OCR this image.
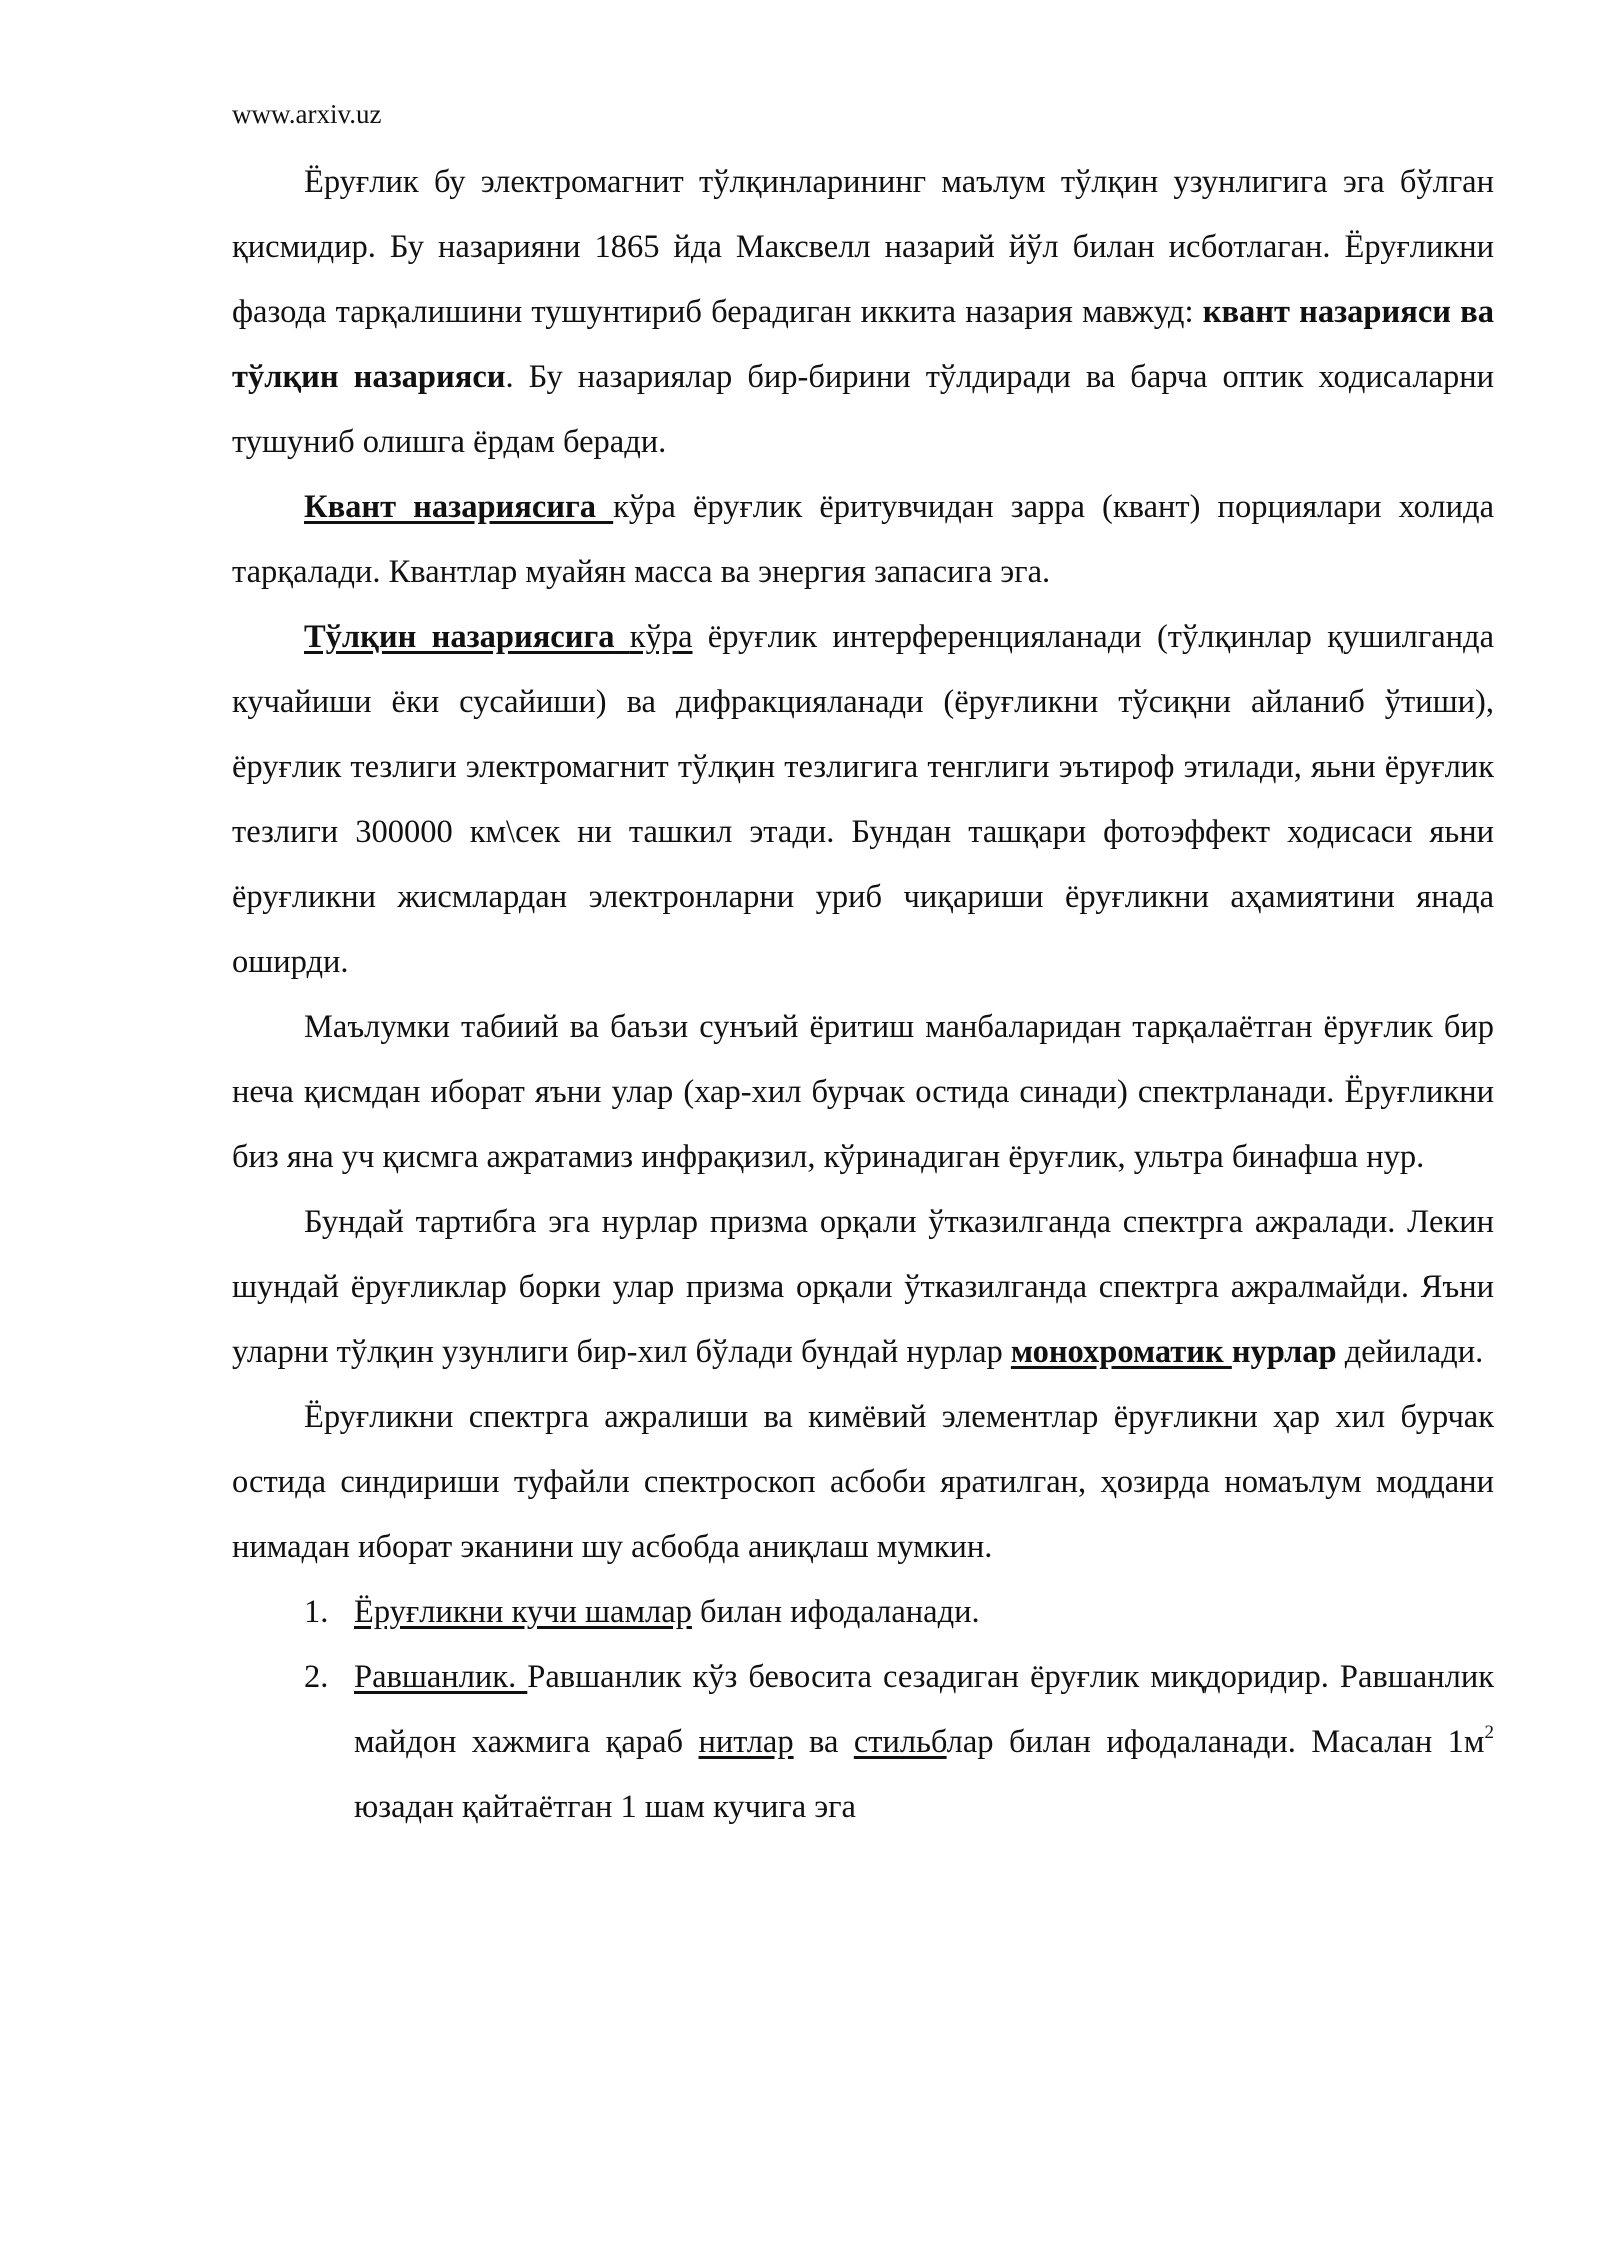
www.arxiv.uz

Ёруғлик бу электромагнит тўлқинларининг маълум тўлқин узунлигига эга бўлган қисмидир. Бу назарияни 1865 йда Максвелл назарий йўл билан исботлаган. Ёруғликни фазода тарқалишини тушунтириб берадиган иккита назария мавжуд: квант назарияси ва тўлқин назарияси. Бу назариялар бир-бирини тўлдиради ва барча оптик ходисаларни тушуниб олишга ёрдам беради.

Квант назариясига кўра ёруғлик ёритувчидан зарра (квант) порциялари холида тарқалади. Квантлар муайян масса ва энергия запасига эга.

Тўлқин назариясига кўра ёруғлик интерференцияланади (тўлқинлар қушилганда кучайиши ёки сусайиши) ва дифракцияланади (ёруғликни тўсиқни айланиб ўтиши), ёруғлик тезлиги электромагнит тўлқин тезлигига тенглиги эътироф этилади, яьни ёруғлик тезлиги 300000 км\сек ни ташкил этади. Бундан ташқари фотоэффект ходисаси яьни ёруғликни жисмлардан электронларни уриб чиқариши ёруғликни аҳамиятини янада оширди.

Маълумки табиий ва баъзи сунъий ёритиш манбаларидан тарқалаётган ёруғлик бир неча қисмдан иборат яъни улар (хар-хил бурчак остида синади) спектрланади. Ёруғликни биз яна уч қисмга ажратамиз инфрақизил, кўринадиган ёруғлик, ультра бинафша нур.

Бундай тартибга эга нурлар призма орқали ўтказилганда спектрга ажралади. Лекин шундай ёруғликлар борки улар призма орқали ўтказилганда спектрга ажралмайди. Яъни уларни тўлқин узунлиги бир-хил бўлади бундай нурлар монохроматик нурлар дейилади.

Ёруғликни спектрга ажралиши ва кимёвий элементлар ёруғликни ҳар хил бурчак остида синдириши туфайли спектроскоп асбоби яратилган, ҳозирда номаълум моддани нимадан иборат эканини шу асбобда аниқлаш мумкин.

1. Ёруғликни кучи шамлар билан ифодаланади.
2. Равшанлик. Равшанлик кўз бевосита сезадиган ёруғлик миқдоридир. Равшанлик майдон хажмига қараб нитлар ва стильблар билан ифодаланади. Масалан $1м^2$ юзадан қайтаётган 1 шам кучига эга
